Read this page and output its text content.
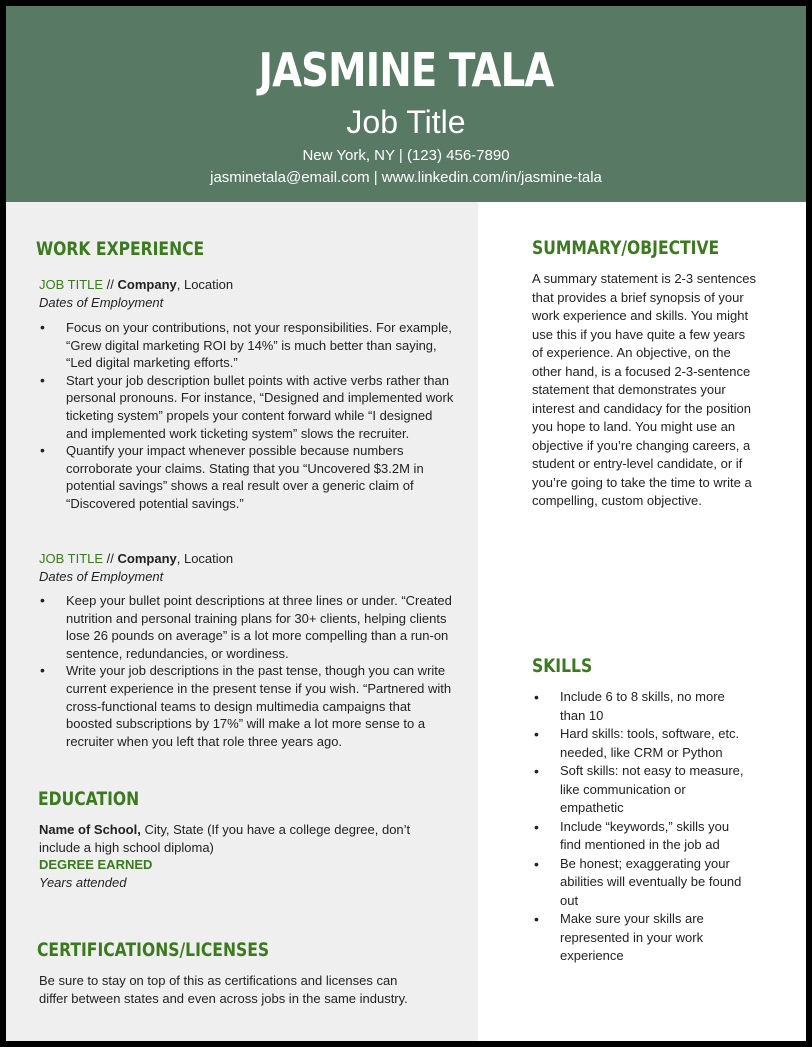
JASMINE TALA
Job Title
New York, NY | (123) 456-7890
jasminetala@email.com | www.linkedin.com/in/jasmine-tala
WORK EXPERIENCE
JOB TITLE // Company, Location
Dates of Employment
• Focus on your contributions, not your responsibilities. For example, “Grew digital marketing ROI by 14%” is much better than saying, “Led digital marketing efforts.”
• Start your job description bullet points with active verbs rather than personal pronouns. For instance, “Designed and implemented work ticketing system” propels your content forward while “I designed and implemented work ticketing system” slows the recruiter.
• Quantify your impact whenever possible because numbers corroborate your claims. Stating that you “Uncovered $3.2M in potential savings” shows a real result over a generic claim of “Discovered potential savings.”
JOB TITLE // Company, Location
Dates of Employment
• Keep your bullet point descriptions at three lines or under. “Created nutrition and personal training plans for 30+ clients, helping clients lose 26 pounds on average” is a lot more compelling than a run-on sentence, redundancies, or wordiness.
• Write your job descriptions in the past tense, though you can write current experience in the present tense if you wish. “Partnered with cross-functional teams to design multimedia campaigns that boosted subscriptions by 17%” will make a lot more sense to a recruiter when you left that role three years ago.
EDUCATION
Name of School, City, State (If you have a college degree, don’t include a high school diploma)
DEGREE EARNED
Years attended
CERTIFICATIONS/LICENSES
Be sure to stay on top of this as certifications and licenses can differ between states and even across jobs in the same industry.
SUMMARY/OBJECTIVE
A summary statement is 2-3 sentences that provides a brief synopsis of your work experience and skills. You might use this if you have quite a few years of experience. An objective, on the other hand, is a focused 2-3-sentence statement that demonstrates your interest and candidacy for the position you hope to land. You might use an objective if you’re changing careers, a student or entry-level candidate, or if you’re going to take the time to write a compelling, custom objective.
SKILLS
• Include 6 to 8 skills, no more than 10
• Hard skills: tools, software, etc. needed, like CRM or Python
• Soft skills: not easy to measure, like communication or empathetic
• Include “keywords,” skills you find mentioned in the job ad
• Be honest; exaggerating your abilities will eventually be found out
• Make sure your skills are represented in your work experience
